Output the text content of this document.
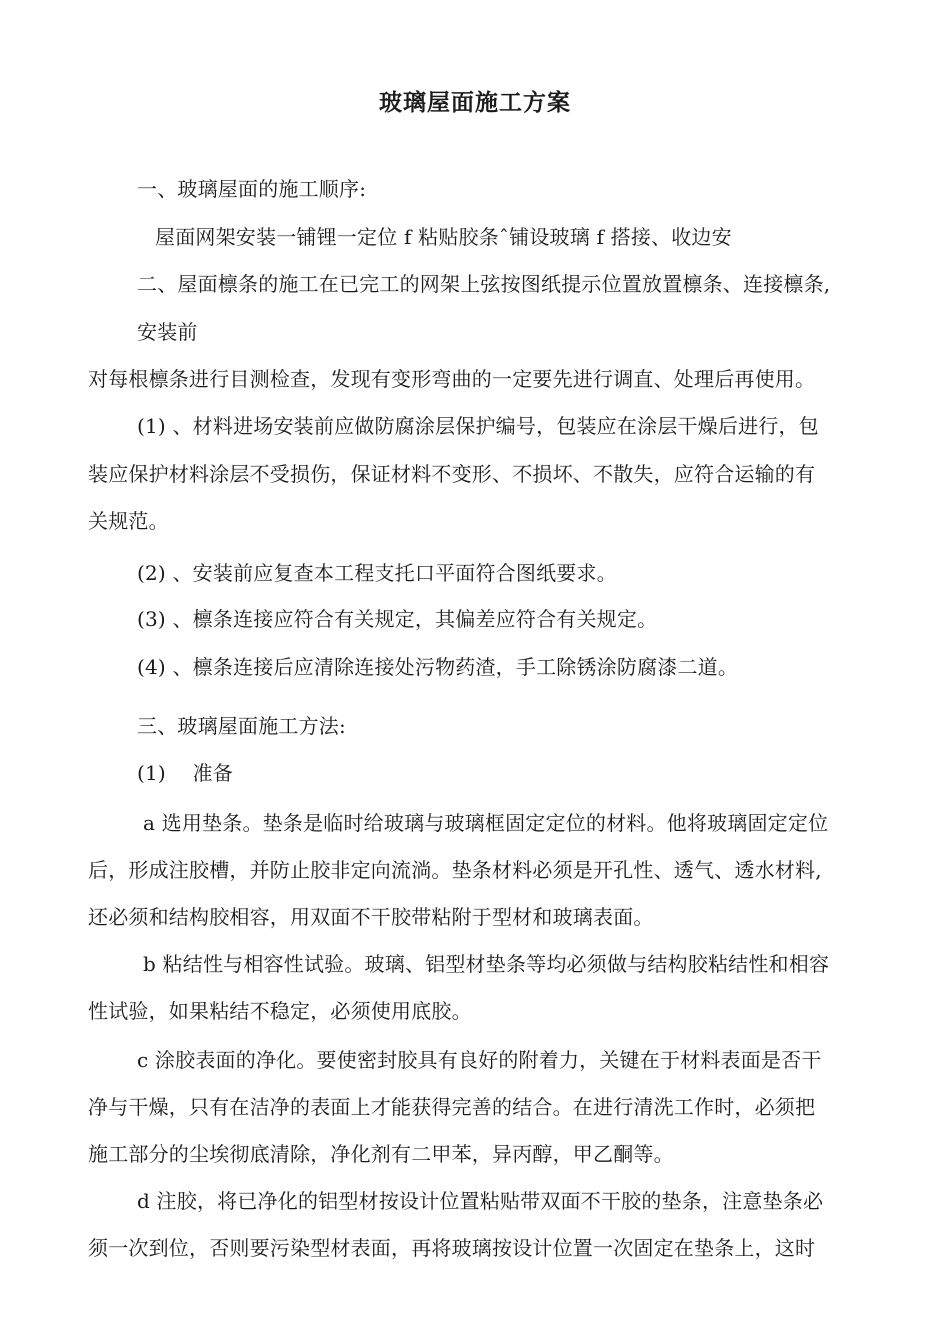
玻璃屋面施工方案
一、玻璃屋面的施工顺序:
屋面网架安装一铺锂一定位 f 粘贴胶条ˆ铺设玻璃 f 搭接、收边安
二、屋面檩条的施工在已完工的网架上弦按图纸提示位置放置檩条、连接檩条,
安装前
对每根檩条进行目测检查，发现有变形弯曲的一定要先进行调直、处理后再使用。
(1) 、材料进场安装前应做防腐涂层保护编号，包装应在涂层干燥后进行，包
装应保护材料涂层不受损伤，保证材料不变形、不损坏、不散失，应符合运输的有
关规范。
(2) 、安装前应复查本工程支托口平面符合图纸要求。
(3) 、檩条连接应符合有关规定，其偏差应符合有关规定。
(4) 、檩条连接后应清除连接处污物药渣，手工除锈涂防腐漆二道。
三、玻璃屋面施工方法:
(1)　 准备
a 选用垫条。垫条是临时给玻璃与玻璃框固定定位的材料。他将玻璃固定定位
后，形成注胶槽，并防止胶非定向流淌。垫条材料必须是开孔性、透气、透水材料,
还必须和结构胶相容，用双面不干胶带粘附于型材和玻璃表面。
b 粘结性与相容性试验。玻璃、铝型材垫条等均必须做与结构胶粘结性和相容
性试验，如果粘结不稳定，必须使用底胶。
c 涂胶表面的净化。要使密封胶具有良好的附着力，关键在于材料表面是否干
净与干燥，只有在洁净的表面上才能获得完善的结合。在进行清洗工作时，必须把
施工部分的尘埃彻底清除，净化剂有二甲苯，异丙醇，甲乙酮等。
d 注胶，将已净化的铝型材按设计位置粘贴带双面不干胶的垫条，注意垫条必
须一次到位，否则要污染型材表面，再将玻璃按设计位置一次固定在垫条上，这时
